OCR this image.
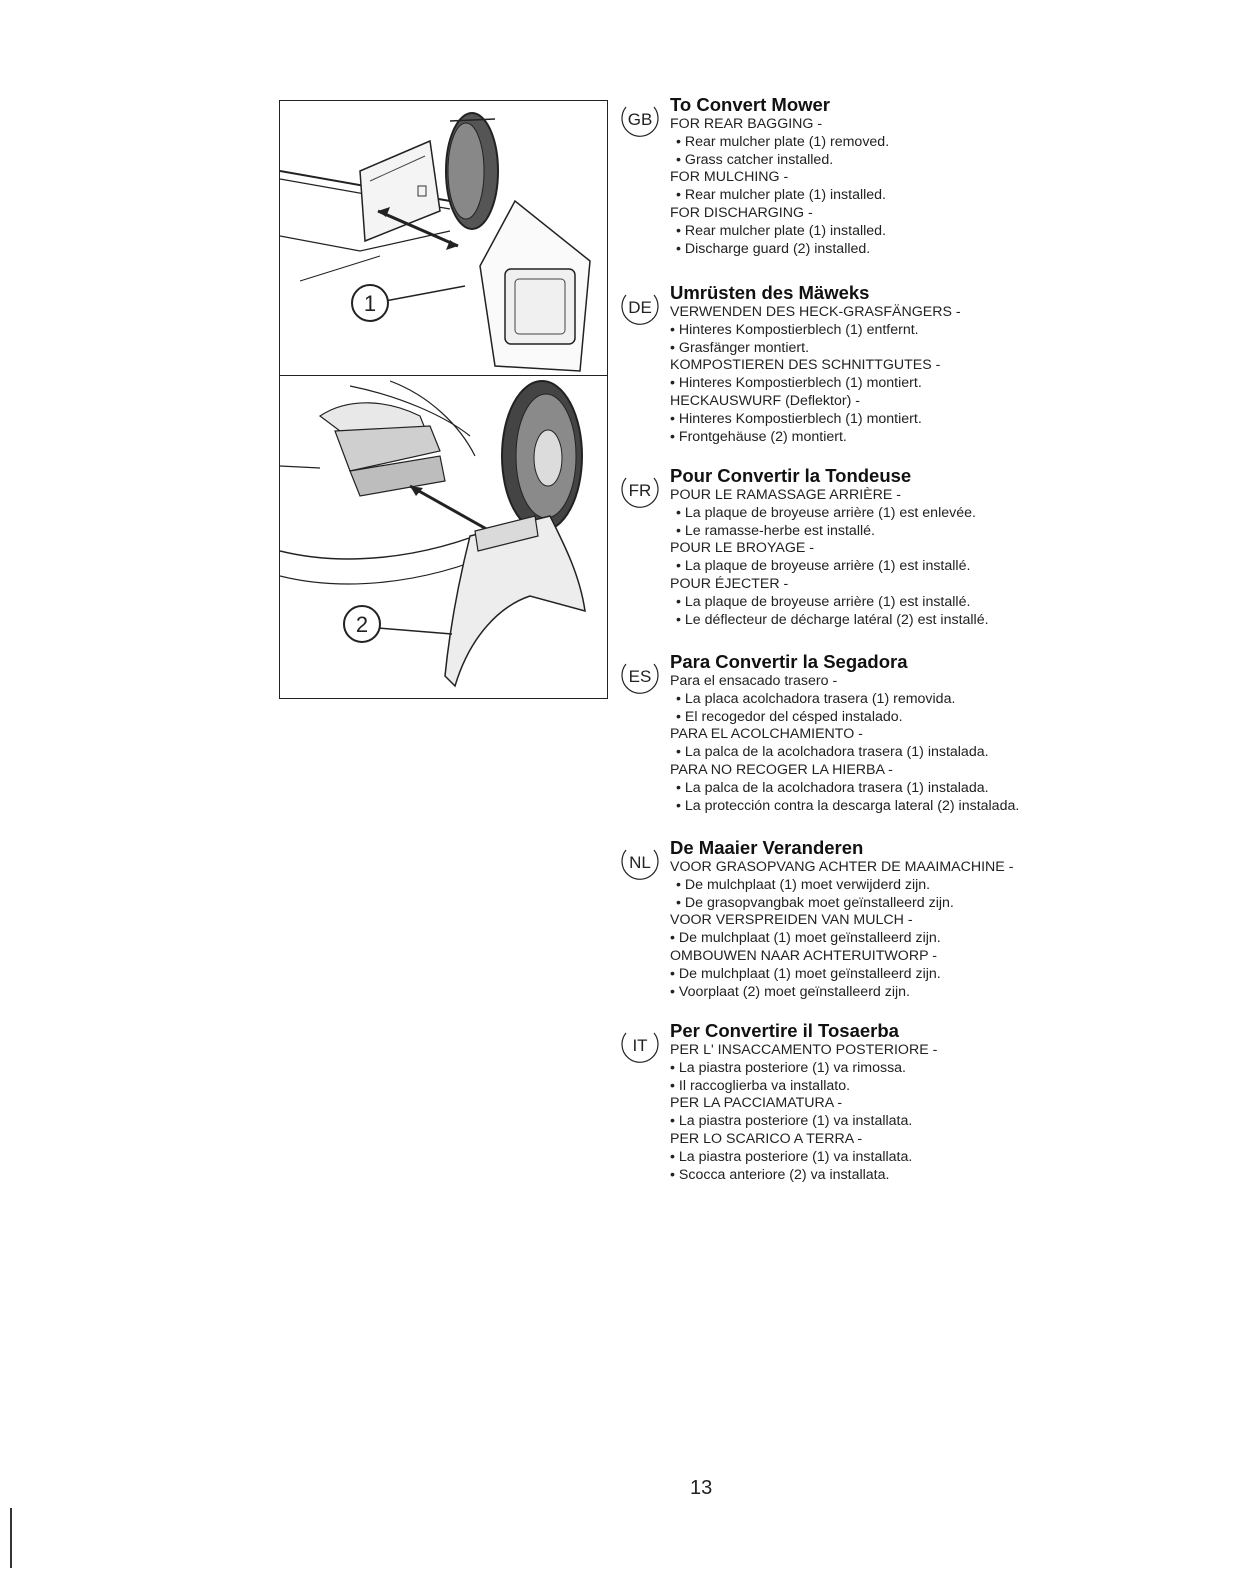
1
2
GB
To Convert Mower
FOR REAR BAGGING -
• Rear mulcher plate (1) removed.
• Grass catcher installed.
FOR MULCHING -
• Rear mulcher plate (1) installed.
FOR DISCHARGING -
• Rear mulcher plate (1) installed.
• Discharge guard (2) installed.
DE
Umrüsten des Mäweks
VERWENDEN DES HECK-GRASFÄNGERS -
• Hinteres Kompostierblech (1) entfernt.
• Grasfänger montiert.
KOMPOSTIEREN DES SCHNITTGUTES -
• Hinteres Kompostierblech (1) montiert.
HECKAUSWURF (Deflektor) -
• Hinteres Kompostierblech (1) montiert.
• Frontgehäuse (2) montiert.
FR
Pour Convertir la Tondeuse
POUR LE RAMASSAGE ARRIÈRE -
• La plaque de broyeuse arrière (1) est enlevée.
• Le ramasse-herbe est installé.
POUR LE BROYAGE -
• La plaque de broyeuse arrière (1) est installé.
POUR ÉJECTER -
• La plaque de broyeuse arrière (1) est installé.
• Le déflecteur de décharge latéral (2) est installé.
ES
Para Convertir la Segadora
Para el ensacado trasero -
• La placa acolchadora trasera (1) removida.
• El recogedor del césped instalado.
PARA EL ACOLCHAMIENTO -
• La palca de la acolchadora trasera (1) instalada.
PARA NO RECOGER LA HIERBA -
• La palca de la acolchadora trasera (1) instalada.
• La protección contra la descarga lateral (2) instalada.
NL
De Maaier Veranderen
VOOR GRASOPVANG ACHTER DE MAAIMACHINE -
• De mulchplaat (1) moet verwijderd zijn.
• De grasopvangbak moet geïnstalleerd zijn.
VOOR VERSPREIDEN VAN MULCH -
• De mulchplaat (1) moet geïnstalleerd zijn.
OMBOUWEN NAAR ACHTERUITWORP -
• De mulchplaat (1) moet geïnstalleerd zijn.
• Voorplaat (2) moet geïnstalleerd zijn.
IT
Per Convertire il Tosaerba
PER L' INSACCAMENTO POSTERIORE -
• La piastra posteriore (1) va rimossa.
• Il raccoglierba va installato.
PER LA PACCIAMATURA -
• La piastra posteriore (1) va installata.
PER LO SCARICO A TERRA -
• La piastra posteriore (1) va installata.
• Scocca anteriore (2) va installata.
13
